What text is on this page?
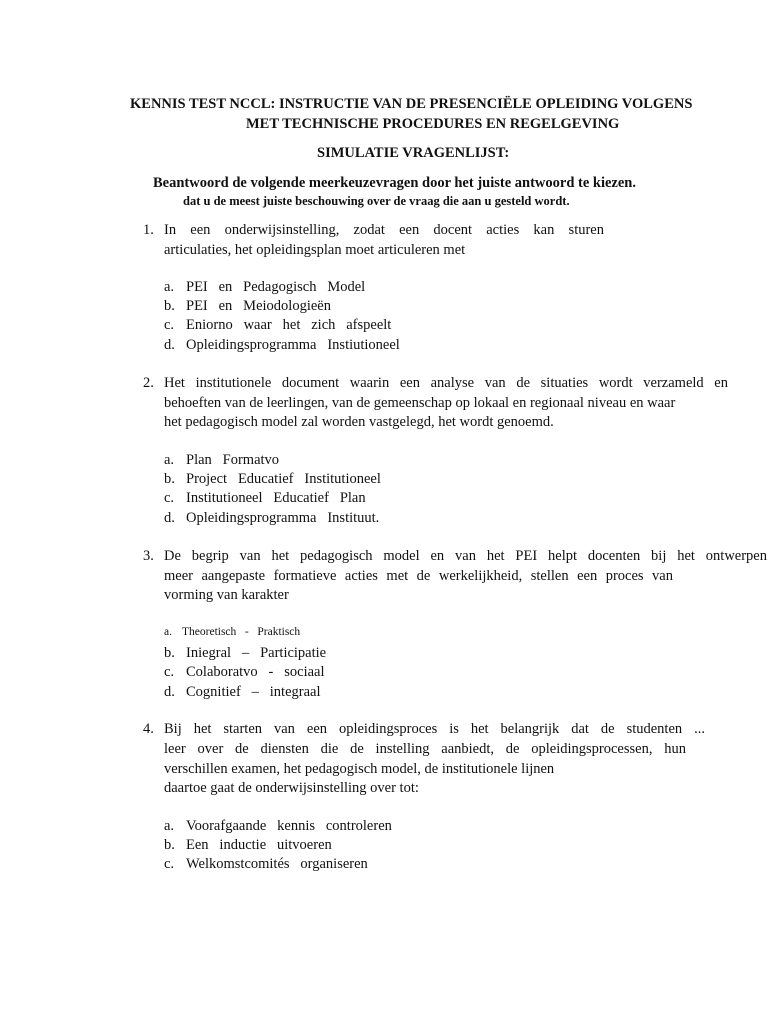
KENNIS TEST NCCL: INSTRUCTIE VAN DE PRESENCIËLE OPLEIDING VOLGENS

MET TECHNISCHE PROCEDURES EN REGELGEVING

SIMULATIE VRAGENLIJST:

Beantwoord de volgende meerkeuzevragen door het juiste antwoord te kiezen.

dat u de meest juiste beschouwing over de vraag die aan u gesteld wordt.

1. In een onderwijsinstelling, zodat een docent acties kan sturen

articulaties, het opleidingsplan moet articuleren met

a. PEI   en   Pedagogisch   Model
b. PEI   en   Meiodologieën
c. Eniorno   waar   het   zich   afspeelt
d. Opleidingsprogramma   Instiutioneel
2. Het institutionele document waarin een analyse van de situaties wordt verzameld en

behoeften van de leerlingen, van de gemeenschap op lokaal en regionaal niveau en waar

het pedagogisch model zal worden vastgelegd, het wordt genoemd.

a. Plan   Formatvo
b. Project   Educatief   Institutioneel
c. Institutioneel   Educatief   Plan
d. Opleidingsprogramma   Instituut.
3. De begrip van het pedagogisch model en van het PEI helpt docenten bij het ontwerpen

meer aangepaste formatieve acties met de werkelijkheid, stellen een proces van

vorming van karakter

a. Theoretisch   -   Praktisch
b. Iniegral   –   Participatie
c. Colaboratvo   -   sociaal
d. Cognitief   –   integraal
4. Bij het starten van een opleidingsproces is het belangrijk dat de studenten ...

leer over de diensten die de instelling aanbiedt, de opleidingsprocessen, hun

verschillen examen, het pedagogisch model, de institutionele lijnen

daartoe gaat de onderwijsinstelling over tot:

a. Voorafgaande   kennis   controleren
b. Een   inductie   uitvoeren
c. Welkomstcomités   organiseren
